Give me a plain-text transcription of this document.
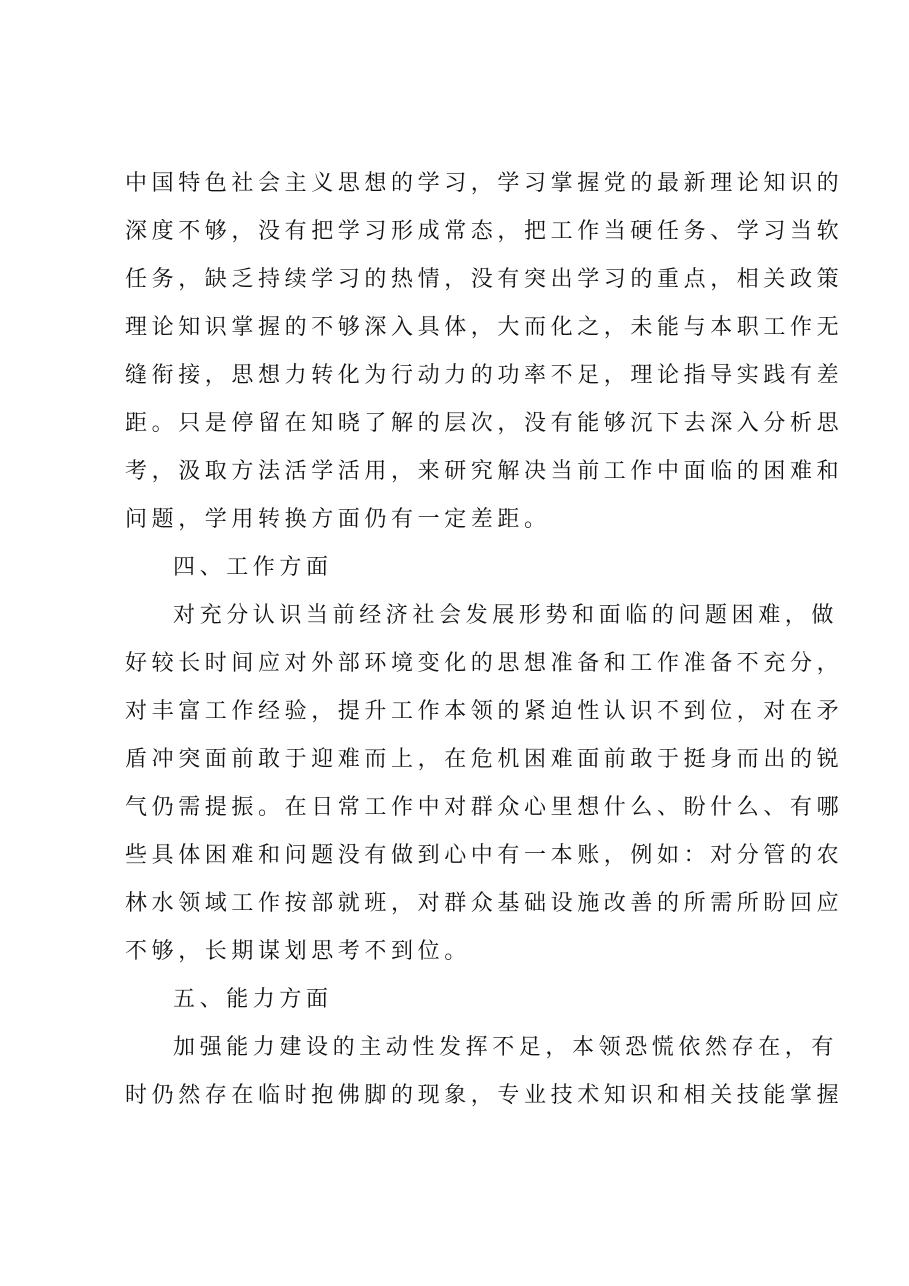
中国特色社会主义思想的学习，学习掌握党的最新理论知识的
深度不够，没有把学习形成常态，把工作当硬任务、学习当软
任务，缺乏持续学习的热情，没有突出学习的重点，相关政策
理论知识掌握的不够深入具体，大而化之，未能与本职工作无
缝衔接，思想力转化为行动力的功率不足，理论指导实践有差
距。只是停留在知晓了解的层次，没有能够沉下去深入分析思
考，汲取方法活学活用，来研究解决当前工作中面临的困难和
问题，学用转换方面仍有一定差距。
四、工作方面
对充分认识当前经济社会发展形势和面临的问题困难，做
好较长时间应对外部环境变化的思想准备和工作准备不充分，
对丰富工作经验，提升工作本领的紧迫性认识不到位，对在矛
盾冲突面前敢于迎难而上，在危机困难面前敢于挺身而出的锐
气仍需提振。在日常工作中对群众心里想什么、盼什么、有哪
些具体困难和问题没有做到心中有一本账，例如：对分管的农
林水领域工作按部就班，对群众基础设施改善的所需所盼回应
不够，长期谋划思考不到位。
五、能力方面
加强能力建设的主动性发挥不足，本领恐慌依然存在，有
时仍然存在临时抱佛脚的现象，专业技术知识和相关技能掌握
